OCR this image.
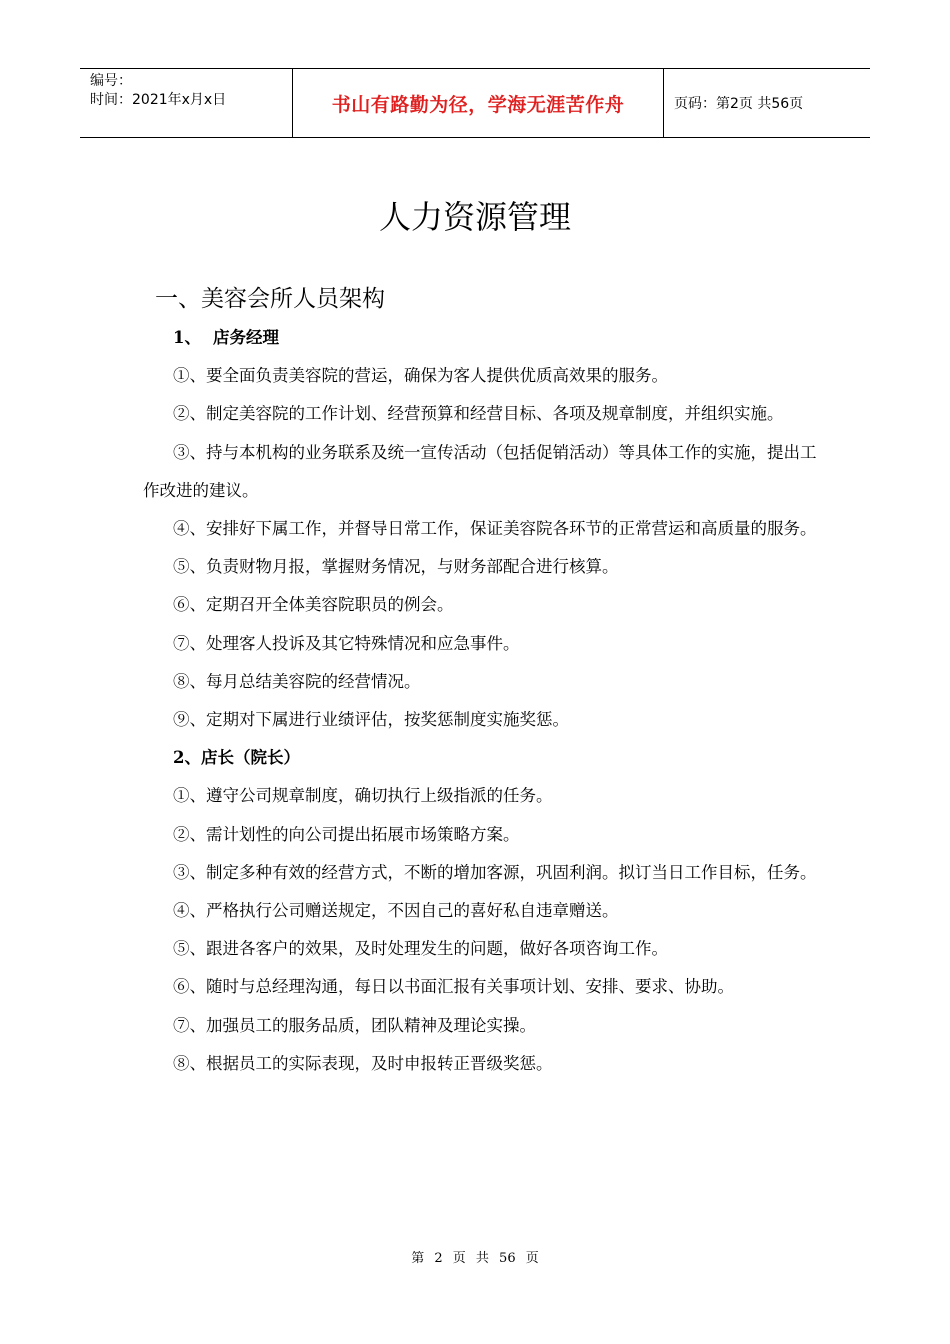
编号：
时间：2021年x月x日	书山有路勤为径，学海无涯苦作舟	页码：第2页 共56页
人力资源管理
一、美容会所人员架构
1、 店务经理
①、要全面负责美容院的营运，确保为客人提供优质高效果的服务。
②、制定美容院的工作计划、经营预算和经营目标、各项及规章制度，并组织实施。
③、持与本机构的业务联系及统一宣传活动（包括促销活动）等具体工作的实施，提出工作改进的建议。
④、安排好下属工作，并督导日常工作，保证美容院各环节的正常营运和高质量的服务。
⑤、负责财物月报，掌握财务情况，与财务部配合进行核算。
⑥、定期召开全体美容院职员的例会。
⑦、处理客人投诉及其它特殊情况和应急事件。
⑧、每月总结美容院的经营情况。
⑨、定期对下属进行业绩评估，按奖惩制度实施奖惩。
2、店长（院长）
①、遵守公司规章制度，确切执行上级指派的任务。
②、需计划性的向公司提出拓展市场策略方案。
③、制定多种有效的经营方式，不断的增加客源，巩固利润。拟订当日工作目标，任务。
④、严格执行公司赠送规定，不因自己的喜好私自违章赠送。
⑤、跟进各客户的效果，及时处理发生的问题，做好各项咨询工作。
⑥、随时与总经理沟通，每日以书面汇报有关事项计划、安排、要求、协助。
⑦、加强员工的服务品质，团队精神及理论实操。
⑧、根据员工的实际表现，及时申报转正晋级奖惩。
第 2 页 共 56 页
